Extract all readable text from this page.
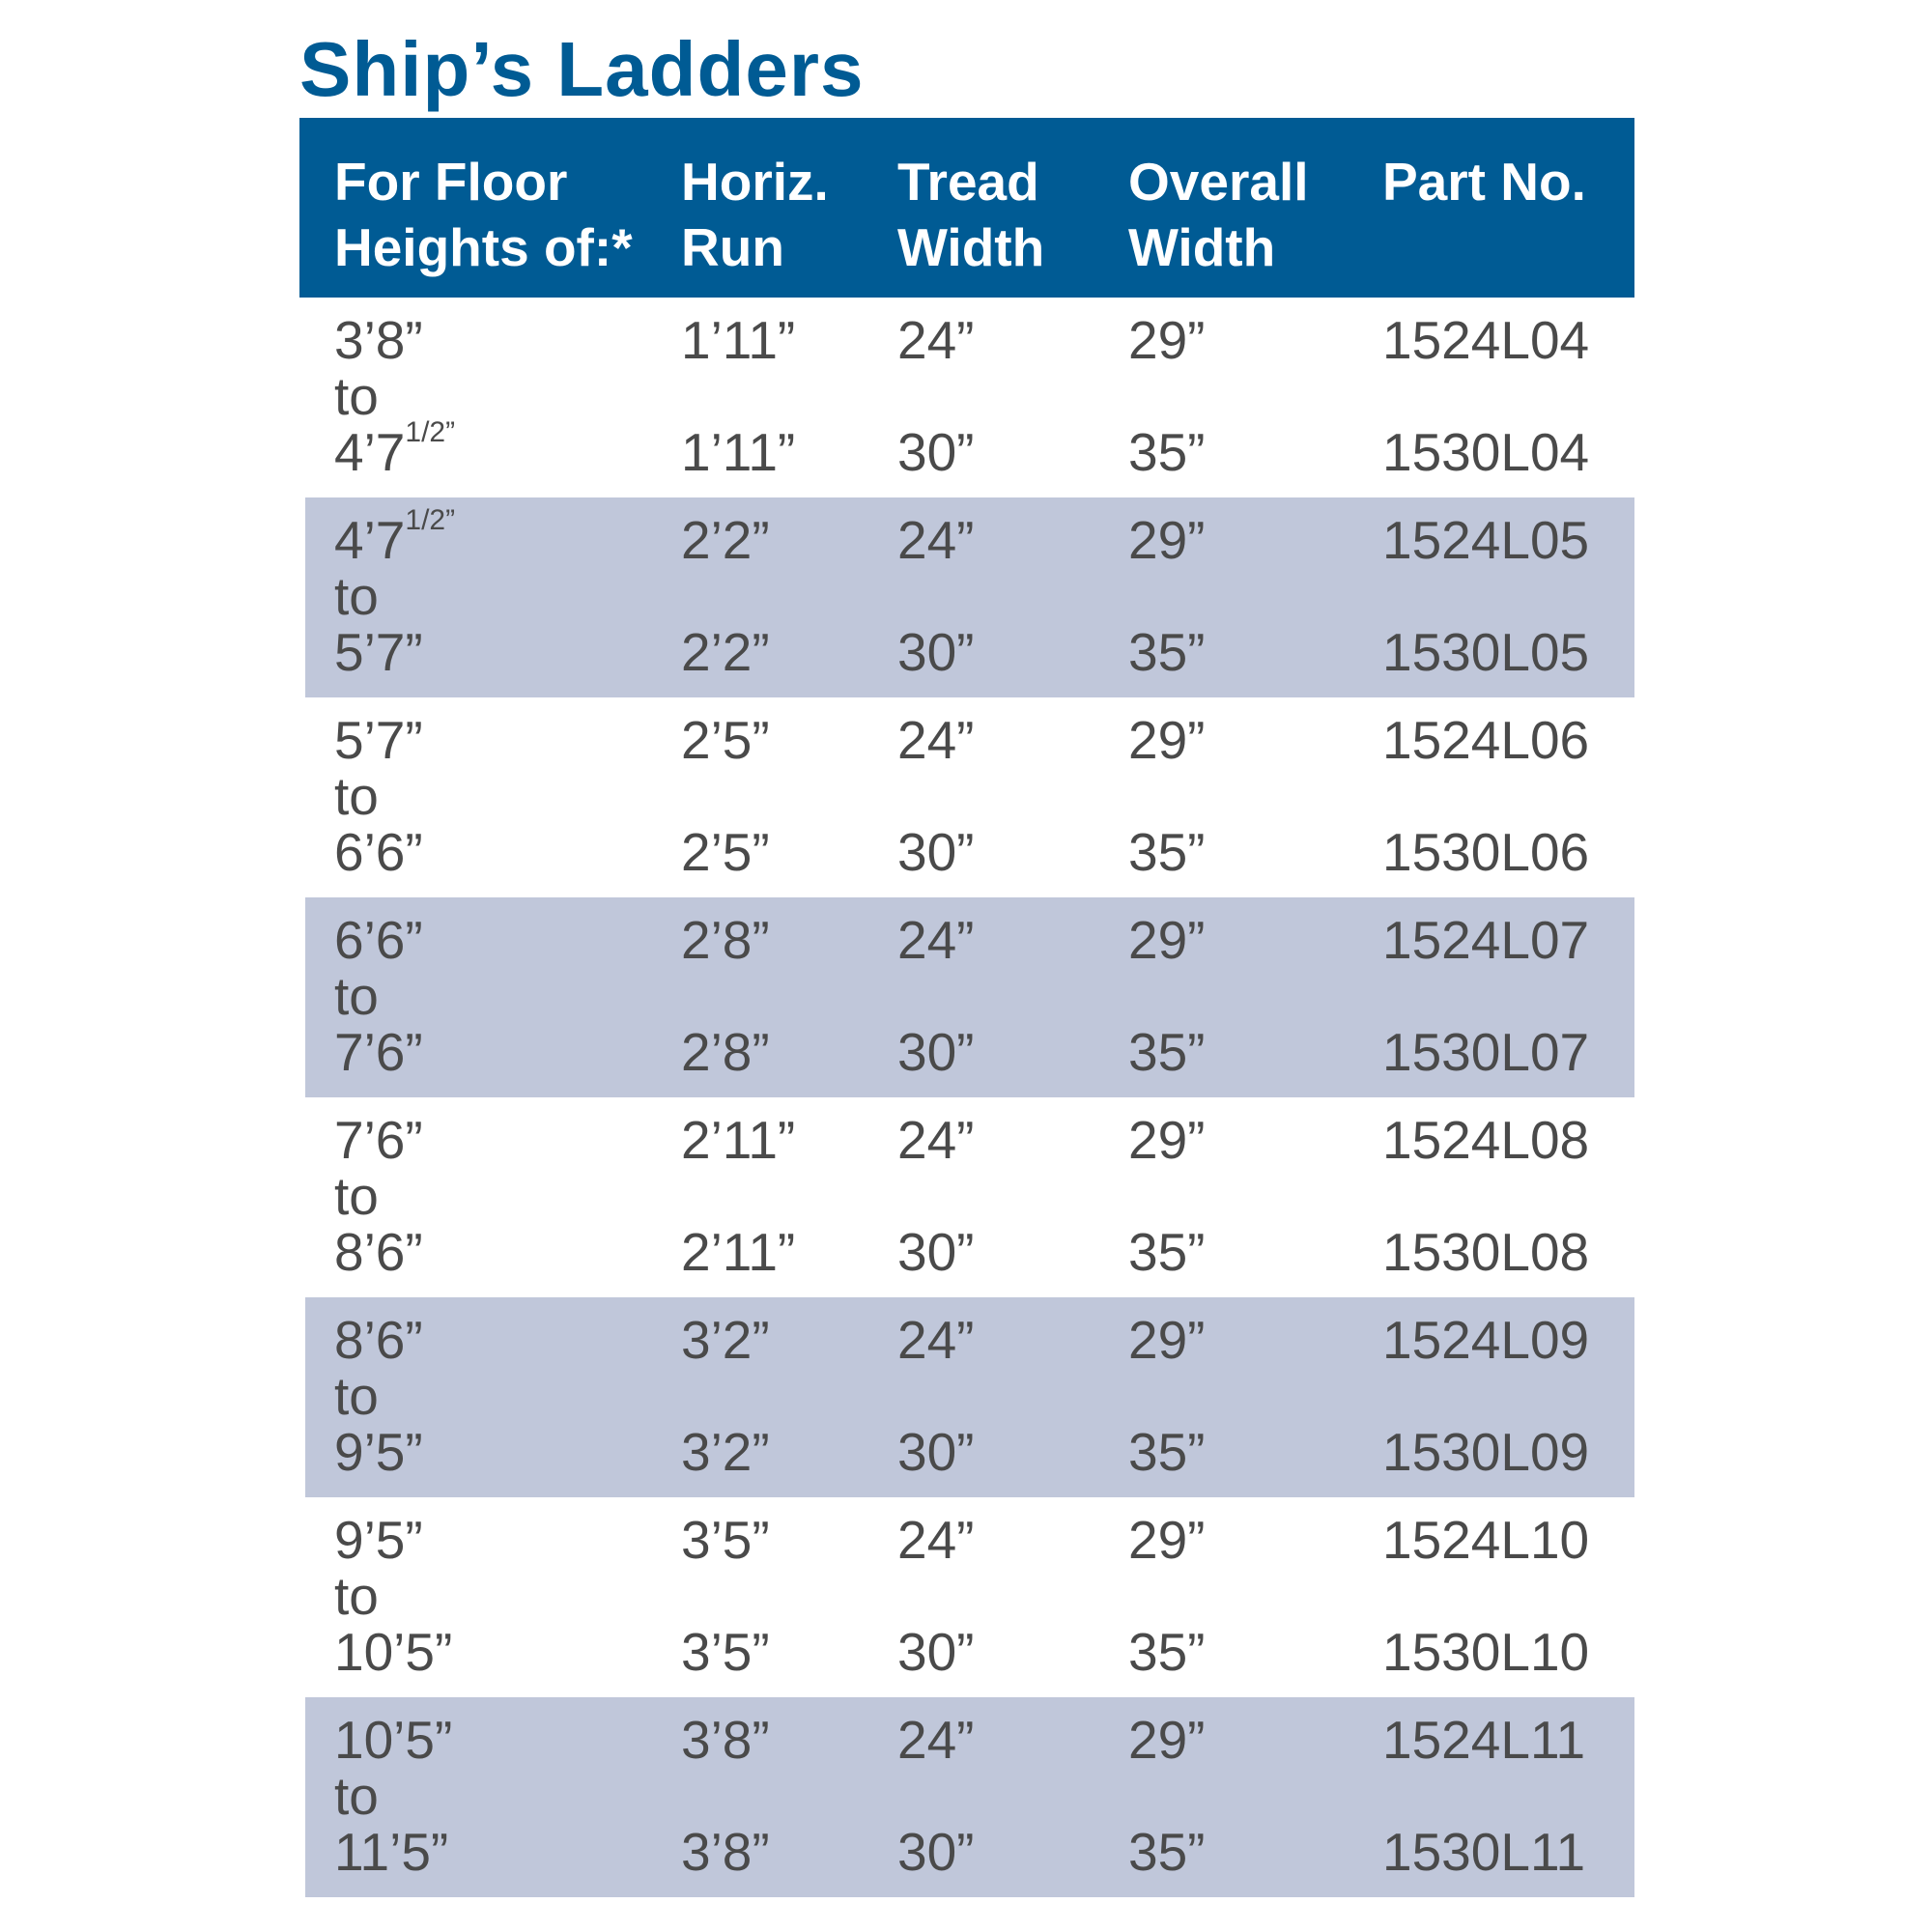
Ship’s Ladders
For Floor
Heights of:*
Horiz.
Run
Tread
Width
Overall
Width
Part No.
3’8”
to
$4’7^{1/2”}$
1’11”
1’11”
24”
30”
29”
35”
1524L04
1530L04
$4’7^{1/2”}$
to
5’7”
2’2”
2’2”
24”
30”
29”
35”
1524L05
1530L05
5’7”
to
6’6”
2’5”
2’5”
24”
30”
29”
35”
1524L06
1530L06
6’6”
to
7’6”
2’8”
2’8”
24”
30”
29”
35”
1524L07
1530L07
7’6”
to
8’6”
2’11”
2’11”
24”
30”
29”
35”
1524L08
1530L08
8’6”
to
9’5”
3’2”
3’2”
24”
30”
29”
35”
1524L09
1530L09
9’5”
to
10’5”
3’5”
3’5”
24”
30”
29”
35”
1524L10
1530L10
10’5”
to
11’5”
3’8”
3’8”
24”
30”
29”
35”
1524L11
1530L11
